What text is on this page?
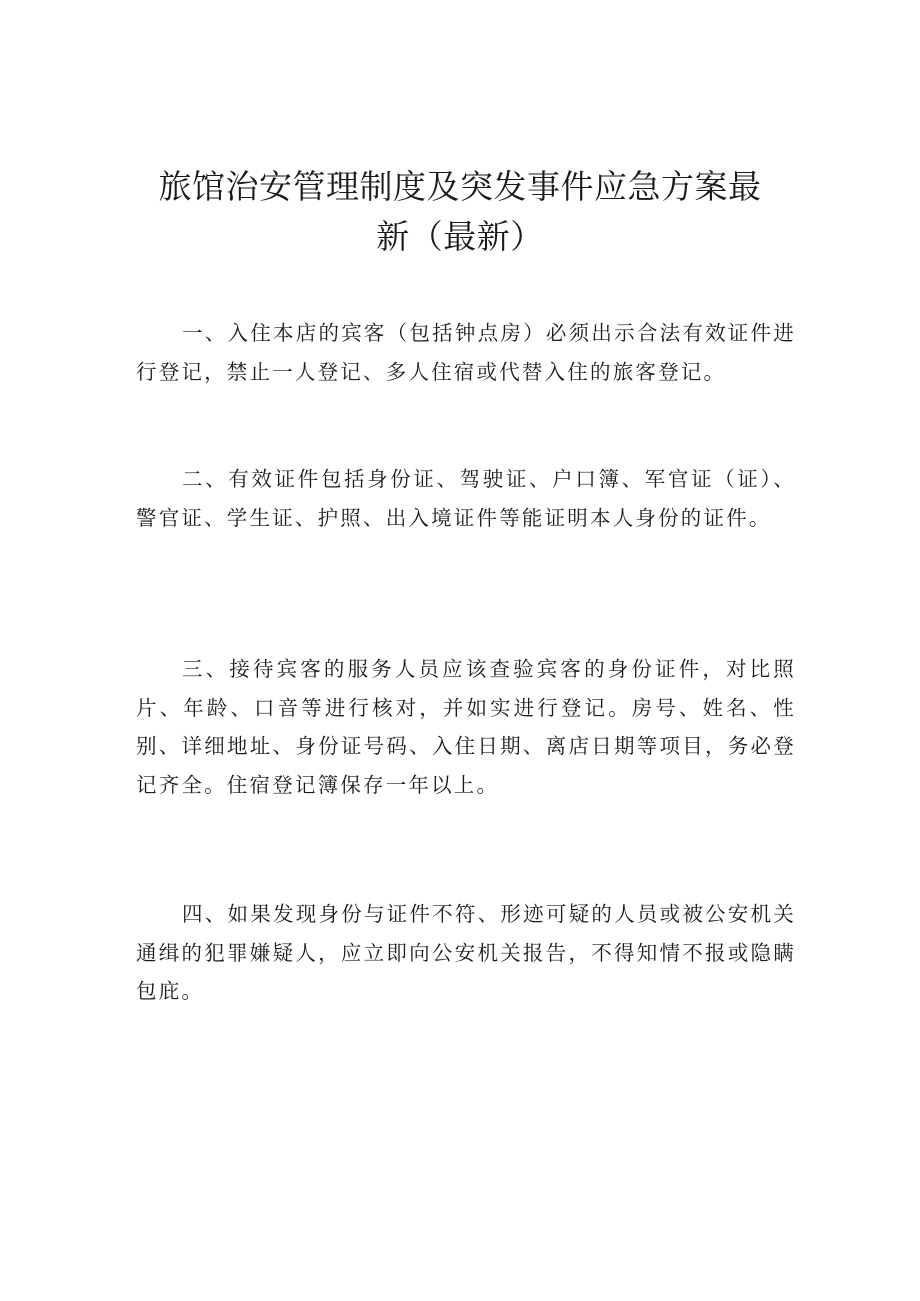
旅馆治安管理制度及突发事件应急方案最
新（最新）
一、入住本店的宾客（包括钟点房）必须出示合法有效证件进行登记，禁止一人登记、多人住宿或代替入住的旅客登记。
二、有效证件包括身份证、驾驶证、户口簿、军官证（证）、警官证、学生证、护照、出入境证件等能证明本人身份的证件。
三、接待宾客的服务人员应该查验宾客的身份证件，对比照片、年龄、口音等进行核对，并如实进行登记。房号、姓名、性别、详细地址、身份证号码、入住日期、离店日期等项目，务必登记齐全。住宿登记簿保存一年以上。
四、如果发现身份与证件不符、形迹可疑的人员或被公安机关通缉的犯罪嫌疑人，应立即向公安机关报告，不得知情不报或隐瞒包庇。
